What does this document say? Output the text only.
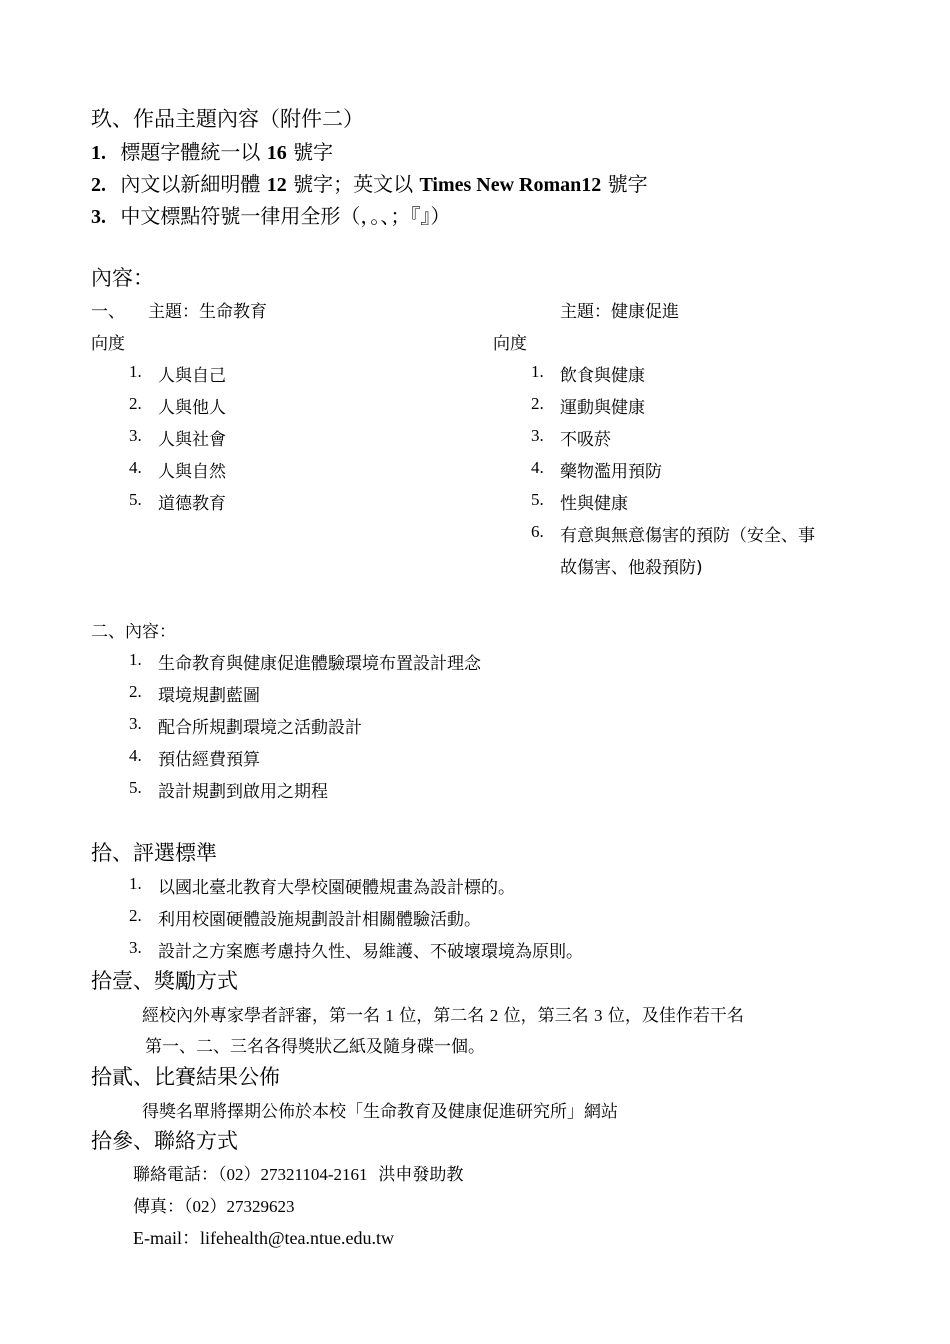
玖、作品主題內容（附件二）
1. 標題字體統一以 16 號字
2. 內文以新細明體 12 號字；英文以 Times New Roman12 號字
3. 中文標點符號一律用全形（，。、；『』）
內容：
一、 主題：生命教育	主題：健康促進
向度	向度
1. 人與自己
2. 人與他人
3. 人與社會
4. 人與自然
5. 道德教育
1. 飲食與健康
2. 運動與健康
3. 不吸菸
4. 藥物濫用預防
5. 性與健康
6. 有意與無意傷害的預防（安全、事
故傷害、他殺預防)
二、內容：
1. 生命教育與健康促進體驗環境布置設計理念
2. 環境規劃藍圖
3. 配合所規劃環境之活動設計
4. 預估經費預算
5. 設計規劃到啟用之期程
拾、評選標準
1. 以國北臺北教育大學校園硬體規畫為設計標的。
2. 利用校園硬體設施規劃設計相關體驗活動。
3. 設計之方案應考慮持久性、易維護、不破壞環境為原則。
拾壹、獎勵方式
經校內外專家學者評審，第一名 1 位，第二名 2 位，第三名 3 位，及佳作若干名
第一、二、三名各得獎狀乙紙及隨身碟一個。
拾貳、比賽結果公佈
得獎名單將擇期公佈於本校「生命教育及健康促進研究所」網站
拾參、聯絡方式
聯絡電話：（02）27321104-2161  洪申發助教
傳真：（02）27329623
E-mail：lifehealth@tea.ntue.edu.tw
